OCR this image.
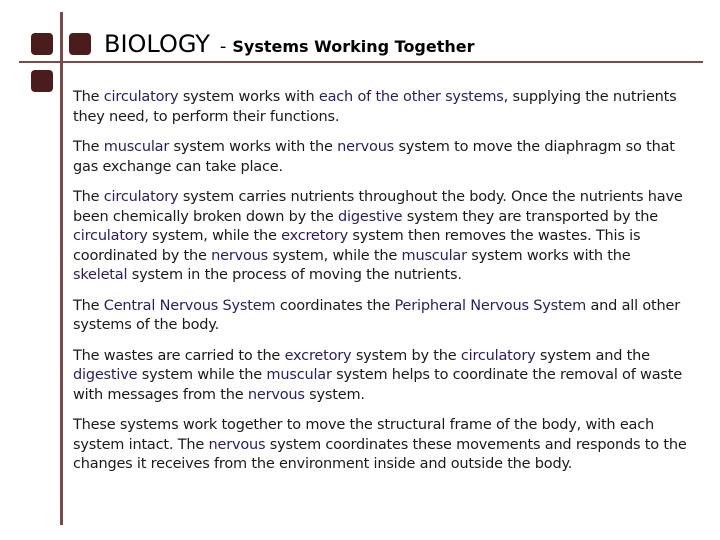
BIOLOGY - Systems Working Together

The circulatory system works with each of the other systems, supplying the nutrients they need, to perform their functions.

The muscular system works with the nervous system to move the diaphragm so that gas exchange can take place.

The circulatory system carries nutrients throughout the body. Once the nutrients have been chemically broken down by the digestive system they are transported by the circulatory system, while the excretory system then removes the wastes. This is coordinated by the nervous system, while the muscular system works with the skeletal system in the process of moving the nutrients.

The Central Nervous System coordinates the Peripheral Nervous System and all other systems of the body.

The wastes are carried to the excretory system by the circulatory system and the digestive system while the muscular system helps to coordinate the removal of waste with messages from the nervous system.

These systems work together to move the structural frame of the body, with each system intact. The nervous system coordinates these movements and responds to the changes it receives from the environment inside and outside the body.
